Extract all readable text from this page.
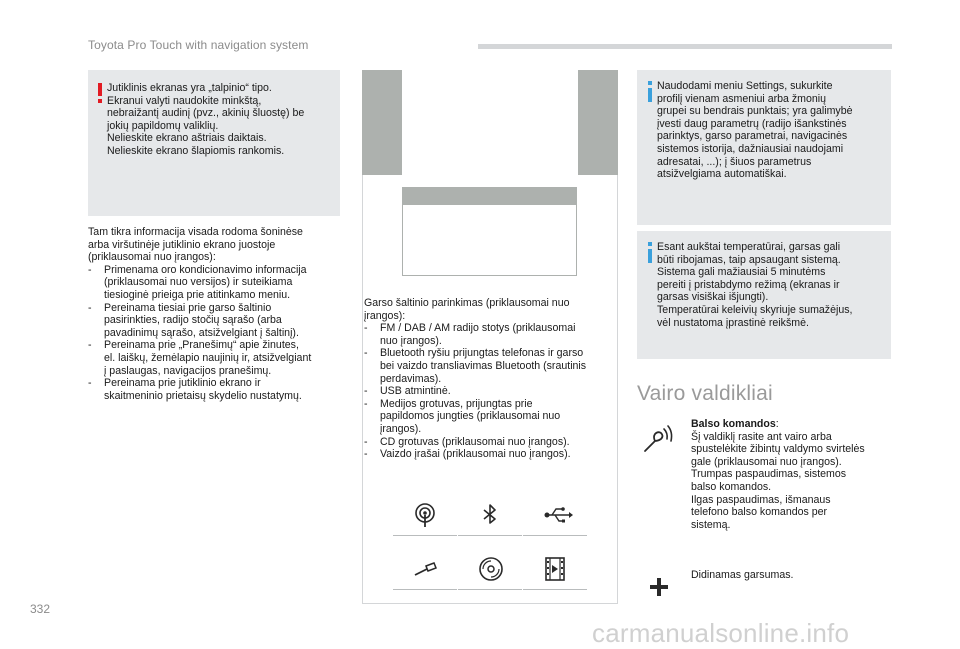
Toyota Pro Touch with navigation system
Jutiklinis ekranas yra „talpinio“ tipo.
Ekranui valyti naudokite minkštą,
nebraižantį audinį (pvz., akinių šluostę) be
jokių papildomų valiklių.
Nelieskite ekrano aštriais daiktais.
Nelieskite ekrano šlapiomis rankomis.
Tam tikra informacija visada rodoma šoninėse
arba viršutinėje jutiklinio ekrano juostoje
(priklausomai nuo įrangos):
- Primenama oro kondicionavimo informacija
(priklausomai nuo versijos) ir suteikiama
tiesioginė prieiga prie atitinkamo meniu.
- Pereinama tiesiai prie garso šaltinio
pasirinkties, radijo stočių sąrašo (arba
pavadinimų sąrašo, atsižvelgiant į šaltinį).
- Pereinama prie „Pranešimų“ apie žinutes,
el. laiškų, žemėlapio naujinių ir, atsižvelgiant
į paslaugas, navigacijos pranešimų.
- Pereinama prie jutiklinio ekrano ir
skaitmeninio prietaisų skydelio nustatymų.
Garso šaltinio parinkimas (priklausomai nuo
įrangos):
- FM / DAB / AM radijo stotys (priklausomai
nuo įrangos).
- Bluetooth ryšiu prijungtas telefonas ir garso
bei vaizdo transliavimas Bluetooth (srautinis
perdavimas).
- USB atmintinė.
- Medijos grotuvas, prijungtas prie
papildomos jungties (priklausomai nuo
įrangos).
- CD grotuvas (priklausomai nuo įrangos).
- Vaizdo įrašai (priklausomai nuo įrangos).
Naudodami meniu Settings, sukurkite
profilį vienam asmeniui arba žmonių
grupei su bendrais punktais; yra galimybė
įvesti daug parametrų (radijo išankstinės
parinktys, garso parametrai, navigacinės
sistemos istorija, dažniausiai naudojami
adresatai, ...); į šiuos parametrus
atsižvelgiama automatiškai.
Esant aukštai temperatūrai, garsas gali
būti ribojamas, taip apsaugant sistemą.
Sistema gali mažiausiai 5 minutėms
pereiti į pristabdymo režimą (ekranas ir
garsas visiškai išjungti).
Temperatūrai keleivių skyriuje sumažėjus,
vėl nustatoma įprastinė reikšmė.
Vairo valdikliai
Balso komandos:
Šį valdiklį rasite ant vairo arba
spustelėkite žibintų valdymo svirtelės
gale (priklausomai nuo įrangos).
Trumpas paspaudimas, sistemos
balso komandos.
Ilgas paspaudimas, išmanaus
telefono balso komandos per
sistemą.
Didinamas garsumas.
332
carmanualsonline.info
